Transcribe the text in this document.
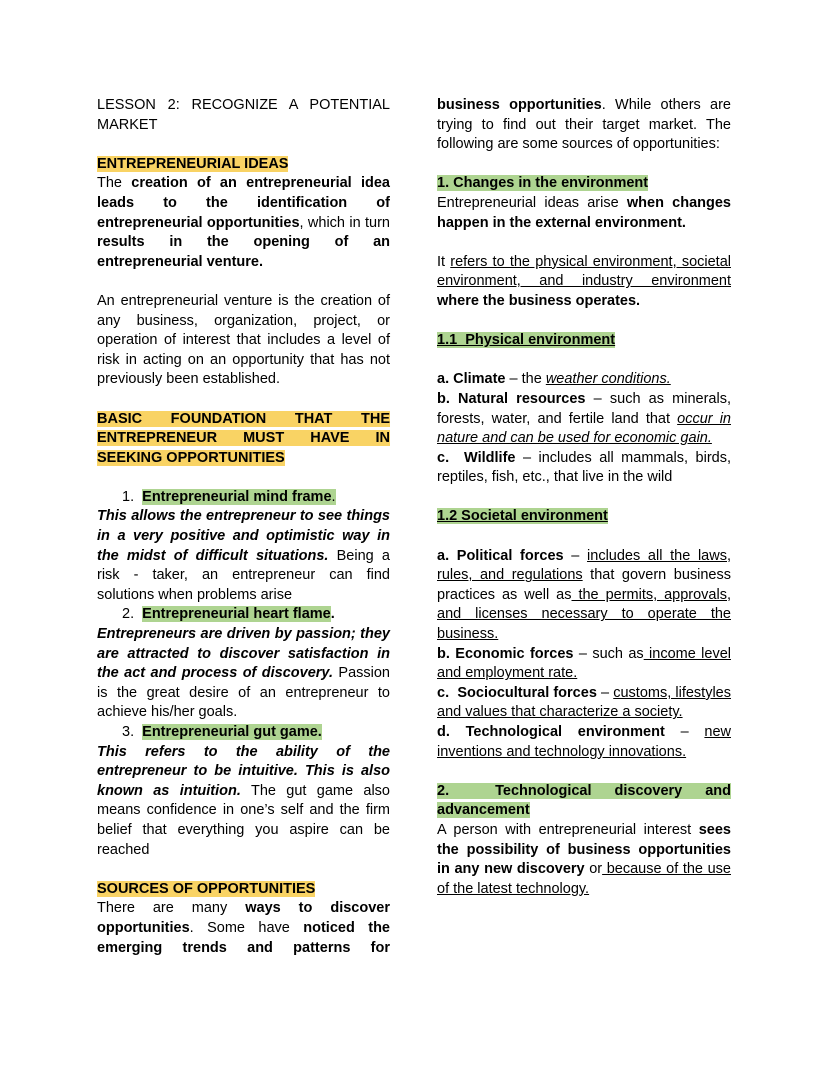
LESSON 2: RECOGNIZE A POTENTIAL MARKET
ENTREPRENEURIAL IDEAS
The creation of an entrepreneurial idea leads to the identification of entrepreneurial opportunities, which in turn results in the opening of an entrepreneurial venture.
An entrepreneurial venture is the creation of any business, organization, project, or operation of interest that includes a level of risk in acting on an opportunity that has not previously been established.
BASIC FOUNDATION THAT THE ENTREPRENEUR MUST HAVE IN SEEKING OPPORTUNITIES
1.  Entrepreneurial mind frame.
This allows the entrepreneur to see things in a very positive and optimistic way in the midst of difficult situations. Being a risk - taker, an entrepreneur can find solutions when problems arise
2.  Entrepreneurial heart flame.
Entrepreneurs are driven by passion; they are attracted to discover satisfaction in the act and process of discovery. Passion is the great desire of an entrepreneur to achieve his/her goals.
3.  Entrepreneurial gut game.
This refers to the ability of the entrepreneur to be intuitive. This is also known as intuition. The gut game also means confidence in one’s self and the firm belief that everything you aspire can be reached
SOURCES OF OPPORTUNITIES
There are many ways to discover opportunities. Some have noticed the emerging trends and patterns for
business opportunities. While others are trying to find out their target market. The following are some sources of opportunities:
1. Changes in the environment
Entrepreneurial ideas arise when changes happen in the external environment.
It refers to the physical environment, societal environment, and industry environment where the business operates.
1.1  Physical environment
a. Climate – the weather conditions.
b. Natural resources – such as minerals, forests, water, and fertile land that occur in nature and can be used for economic gain.
c.  Wildlife – includes all mammals, birds, reptiles, fish, etc., that live in the wild
1.2 Societal environment
a. Political forces – includes all the laws, rules, and regulations that govern business practices as well as the permits, approvals, and licenses necessary to operate the business.
b. Economic forces – such as income level and employment rate.
c.  Sociocultural forces – customs, lifestyles and values that characterize a society.
d. Technological environment – new inventions and technology innovations.
2.  Technological discovery and advancement
A person with entrepreneurial interest sees the possibility of business opportunities in any new discovery or because of the use of the latest technology.
